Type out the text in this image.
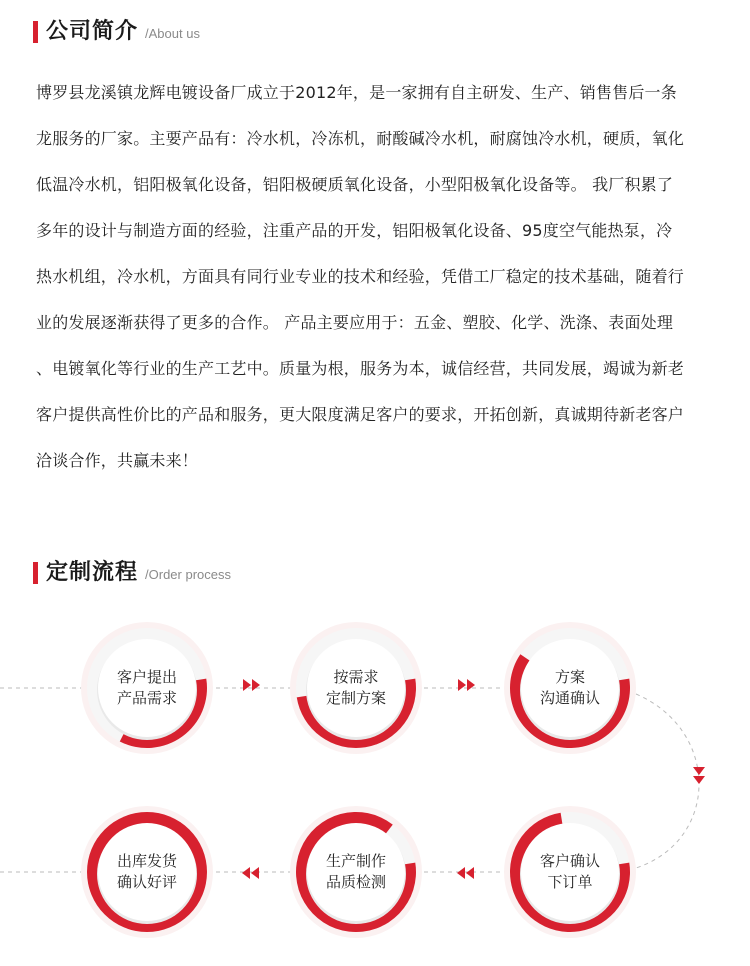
公司简介 /About us

博罗县龙溪镇龙辉电镀设备厂成立于2012年，是一家拥有自主研发、生产、销售售后一条

龙服务的厂家。主要产品有：冷水机，冷冻机，耐酸碱冷水机，耐腐蚀冷水机，硬质，氧化

低温冷水机，铝阳极氧化设备，铝阳极硬质氧化设备，小型阳极氧化设备等。 我厂积累了

多年的设计与制造方面的经验，注重产品的开发，铝阳极氧化设备、95度空气能热泵，冷

热水机组，冷水机，方面具有同行业专业的技术和经验，凭借工厂稳定的技术基础，随着行

业的发展逐渐获得了更多的合作。 产品主要应用于：五金、塑胶、化学、洗涤、表面处理

、电镀氧化等行业的生产工艺中。质量为根，服务为本，诚信经营，共同发展，竭诚为新老

客户提供高性价比的产品和服务，更大限度满足客户的要求，开拓创新，真诚期待新老客户

洽谈合作，共赢未来！

定制流程 /Order process
客户提出
产品需求
按需求
定制方案
方案
沟通确认
客户确认
下订单
生产制作
品质检测
出库发货
确认好评
